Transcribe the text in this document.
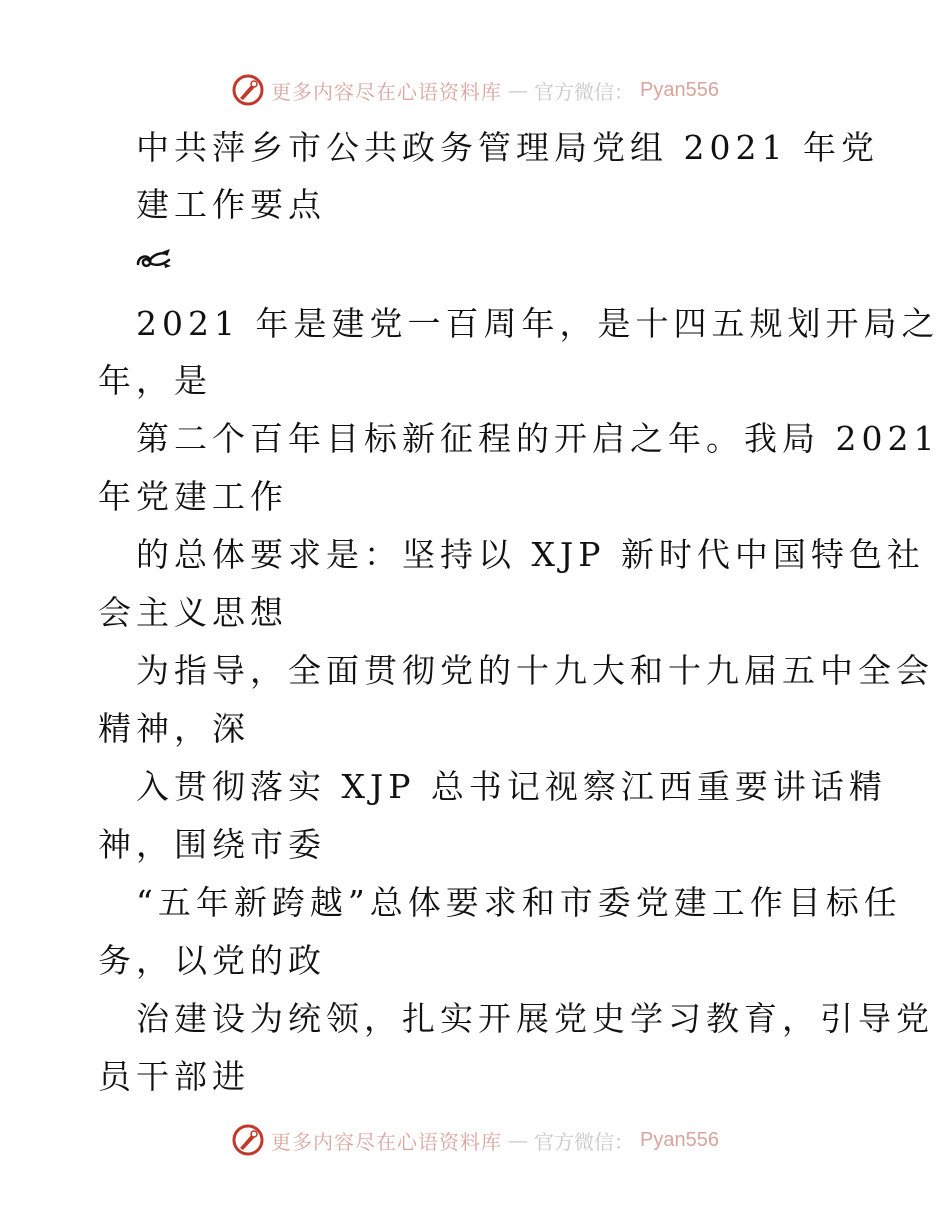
更多内容尽在心语资料库 — 官方微信： Pyan556
中共萍乡市公共政务管理局党组 2021 年党
建工作要点
2021 年是建党一百周年，是十四五规划开局之
年，是
第二个百年目标新征程的开启之年。我局 2021
年党建工作
的总体要求是：坚持以 XJP 新时代中国特色社
会主义思想
为指导，全面贯彻党的十九大和十九届五中全会
精神，深
入贯彻落实 XJP 总书记视察江西重要讲话精
神，围绕市委
“五年新跨越”总体要求和市委党建工作目标任
务，以党的政
治建设为统领，扎实开展党史学习教育，引导党
员干部进
更多内容尽在心语资料库 — 官方微信： Pyan556
